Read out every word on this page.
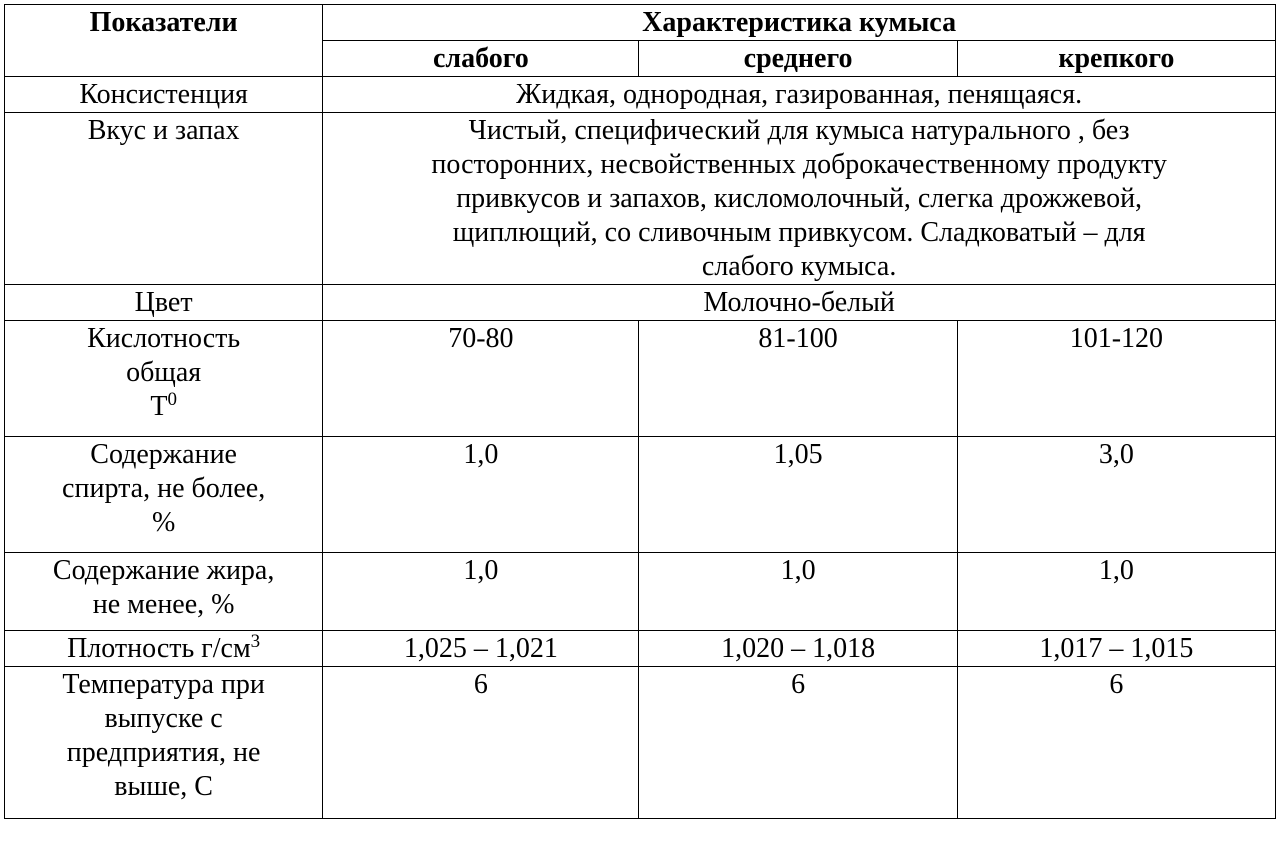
Показатели	Характеристика кумыса		
	слабого	среднего	крепкого
Консистенция	Жидкая, однородная, газированная, пенящаяся.		
Вкус и запах	Чистый, специфический для кумыса натурального , без
посторонних, несвойственных доброкачественному продукту
привкусов и запахов, кисломолочный, слегка дрожжевой,
щиплющий, со сливочным привкусом. Сладковатый – для
слабого кумыса.		

Цвет	Молочно-белый		

Кислотность
общая
$Т^0$	70-80	81-100	101-120

Содержание
спирта, не более,
%	1,0	1,05	3,0

Содержание жира,
не менее, %	1,0	1,0	1,0
Плотность $г/см^3$	1,025 – 1,021	1,020 – 1,018	1,017 – 1,015

Температура при
выпуске с
предприятия, не
выше, С	6	6	6
